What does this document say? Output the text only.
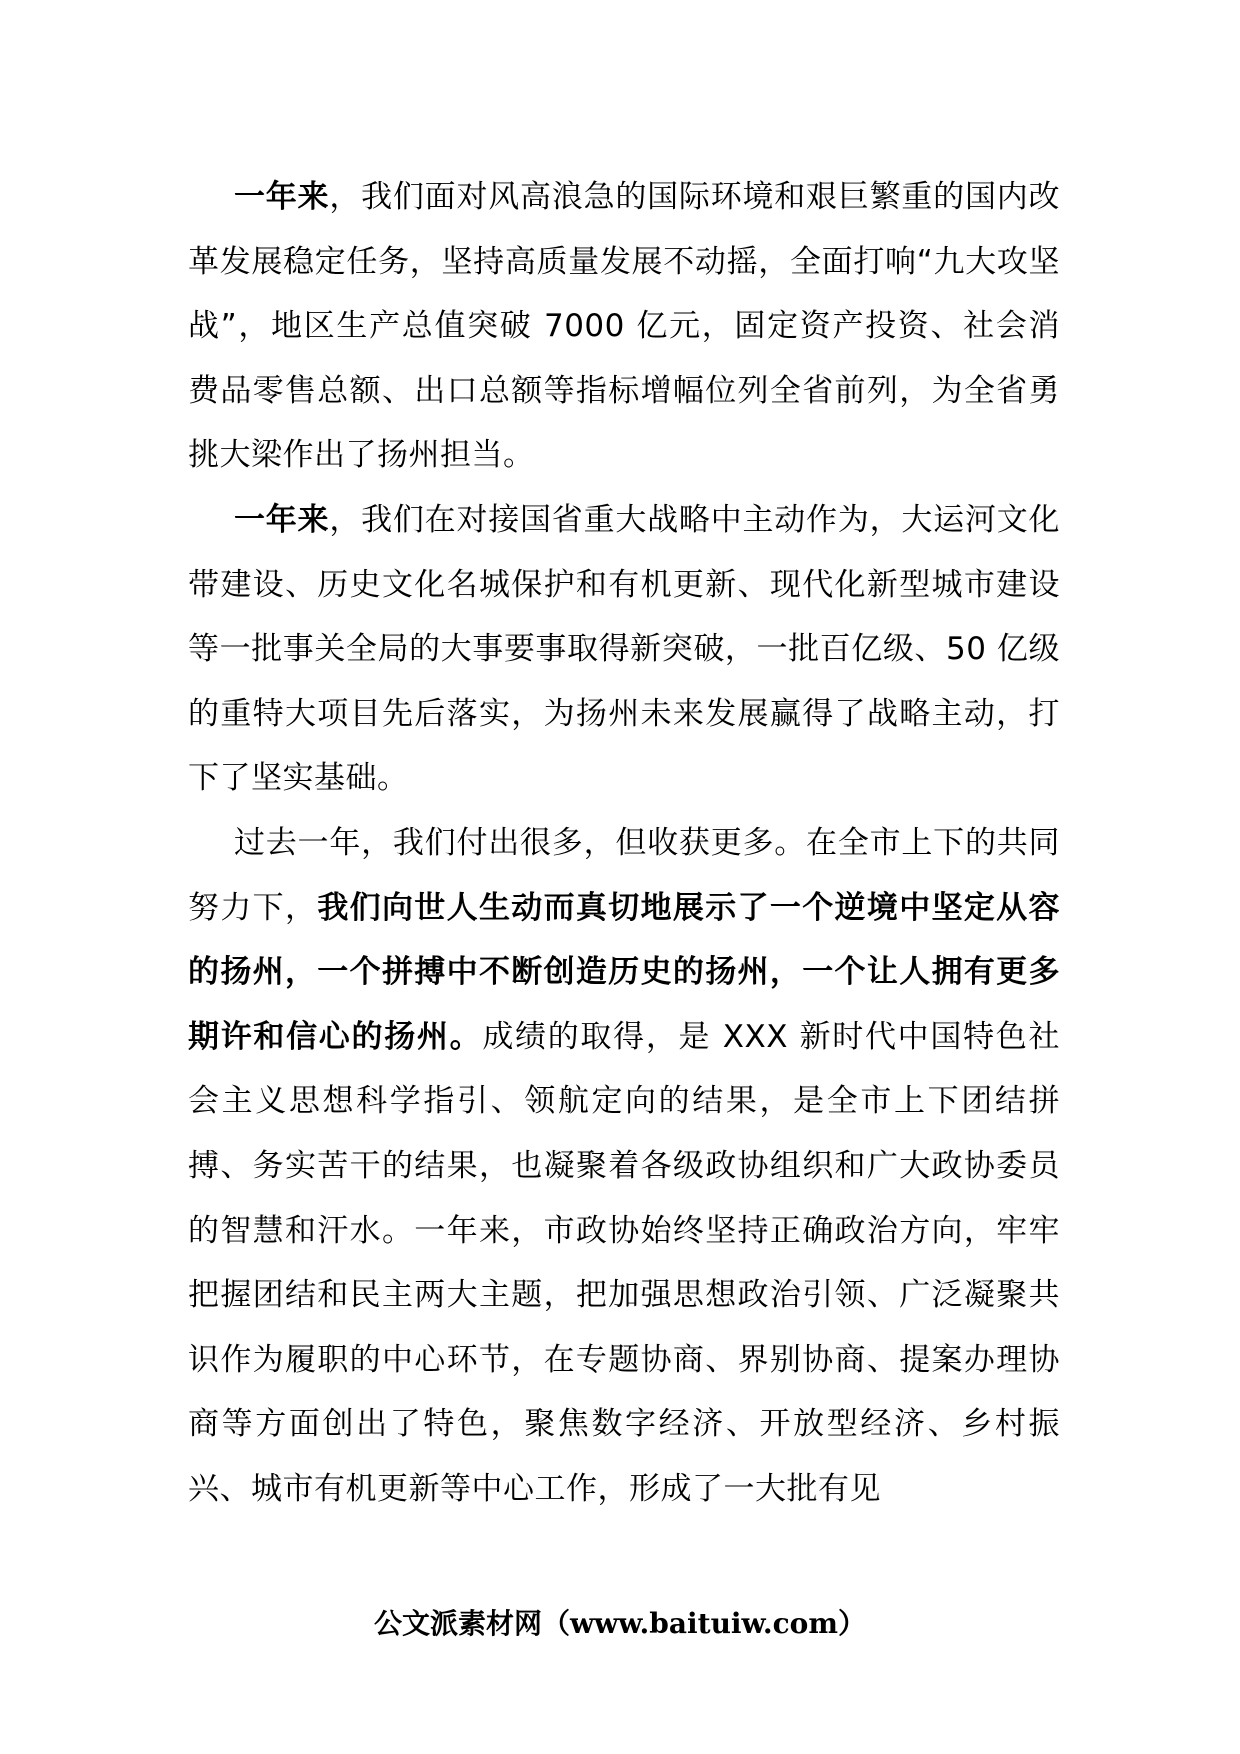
一年来，我们面对风高浪急的国际环境和艰巨繁重的国内改革发展稳定任务，坚持高质量发展不动摇，全面打响“九大攻坚战”，地区生产总值突破 7000 亿元，固定资产投资、社会消费品零售总额、出口总额等指标增幅位列全省前列，为全省勇挑大梁作出了扬州担当。

一年来，我们在对接国省重大战略中主动作为，大运河文化带建设、历史文化名城保护和有机更新、现代化新型城市建设等一批事关全局的大事要事取得新突破，一批百亿级、50 亿级的重特大项目先后落实，为扬州未来发展赢得了战略主动，打下了坚实基础。

过去一年，我们付出很多，但收获更多。在全市上下的共同努力下，我们向世人生动而真切地展示了一个逆境中坚定从容的扬州，一个拼搏中不断创造历史的扬州，一个让人拥有更多期许和信心的扬州。成绩的取得，是 XXX 新时代中国特色社会主义思想科学指引、领航定向的结果，是全市上下团结拼搏、务实苦干的结果，也凝聚着各级政协组织和广大政协委员的智慧和汗水。一年来，市政协始终坚持正确政治方向，牢牢把握团结和民主两大主题，把加强思想政治引领、广泛凝聚共识作为履职的中心环节，在专题协商、界别协商、提案办理协商等方面创出了特色，聚焦数字经济、开放型经济、乡村振兴、城市有机更新等中心工作，形成了一大批有见

公文派素材网（www.baituiw.com）
